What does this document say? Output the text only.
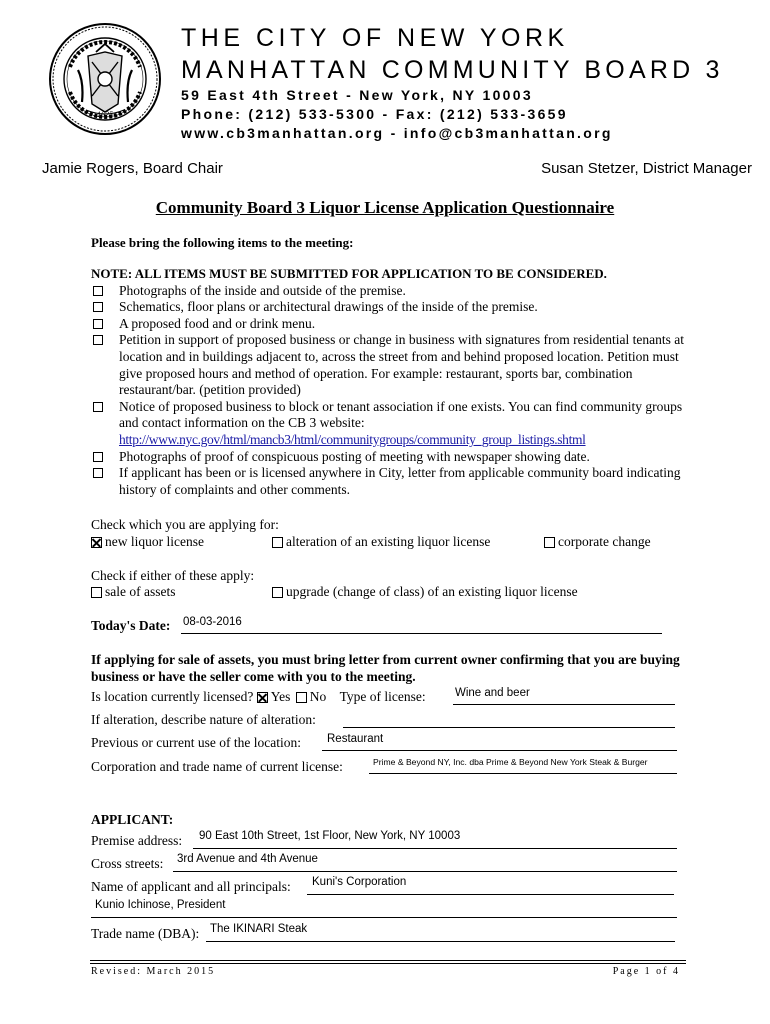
1625
THE CITY OF NEW YORK
MANHATTAN COMMUNITY BOARD 3
59 East 4th Street - New York, NY 10003
Phone: (212) 533-5300 - Fax: (212) 533-3659
www.cb3manhattan.org - info@cb3manhattan.org
Jamie Rogers, Board Chair	Susan Stetzer, District Manager
Community Board 3 Liquor License Application Questionnaire
Please bring the following items to the meeting:
NOTE: ALL ITEMS MUST BE SUBMITTED FOR APPLICATION TO BE CONSIDERED.
Photographs of the inside and outside of the premise.
Schematics, floor plans or architectural drawings of the inside of the premise.
A proposed food and or drink menu.
Petition in support of proposed business or change in business with signatures from residential tenants at location and in buildings adjacent to, across the street from and behind proposed location. Petition must give proposed hours and method of operation. For example: restaurant, sports bar, combination restaurant/bar. (petition provided)
Notice of proposed business to block or tenant association if one exists. You can find community groups and contact information on the CB 3 website:
http://www.nyc.gov/html/mancb3/html/communitygroups/community_group_listings.shtml
Photographs of proof of conspicuous posting of meeting with newspaper showing date.
If applicant has been or is licensed anywhere in City, letter from applicable community board indicating history of complaints and other comments.
Check which you are applying for:
new liquor license	alteration of an existing liquor license	corporate change
Check if either of these apply:
sale of assets	upgrade (change of class) of an existing liquor license
Today's Date: 08-03-2016
If applying for sale of assets, you must bring letter from current owner confirming that you are buying business or have the seller come with you to the meeting.
Is location currently licensed? Yes No Type of license:	Wine and beer
If alteration, describe nature of alteration:
Previous or current use of the location: Restaurant
Corporation and trade name of current license:	Prime & Beyond NY, Inc. dba Prime & Beyond New York Steak & Burger
APPLICANT:
Premise address: 90 East 10th Street, 1st Floor, New York, NY 10003
Cross streets: 3rd Avenue and 4th Avenue
Name of applicant and all principals: Kuni's Corporation
Kunio Ichinose, President
Trade name (DBA): The IKINARI Steak
Revised: March 2015	Page 1 of 4
